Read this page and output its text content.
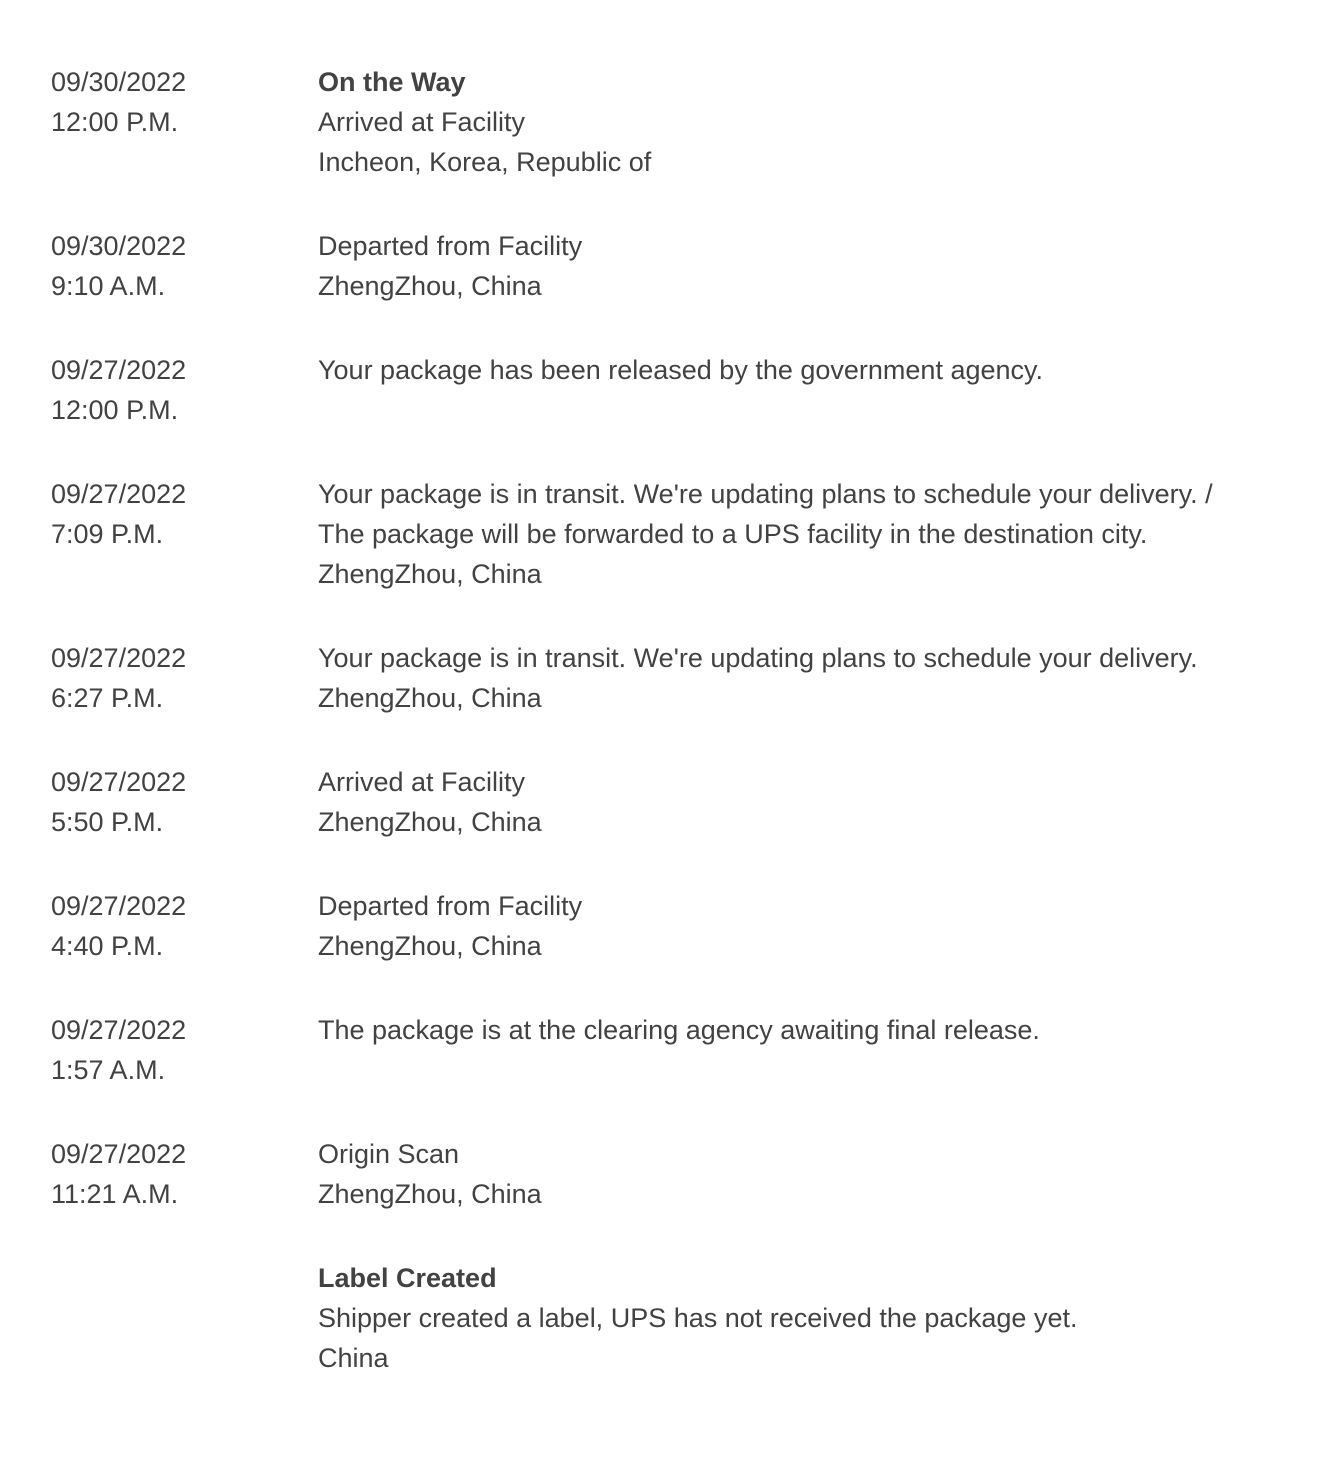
09/30/2022
12:00 P.M.
On the Way
Arrived at Facility
Incheon, Korea, Republic of
09/30/2022
9:10 A.M.
Departed from Facility
ZhengZhou, China
09/27/2022
12:00 P.M.
Your package has been released by the government agency.
09/27/2022
7:09 P.M.
Your package is in transit. We're updating plans to schedule your delivery. /
The package will be forwarded to a UPS facility in the destination city.
ZhengZhou, China
09/27/2022
6:27 P.M.
Your package is in transit. We're updating plans to schedule your delivery.
ZhengZhou, China
09/27/2022
5:50 P.M.
Arrived at Facility
ZhengZhou, China
09/27/2022
4:40 P.M.
Departed from Facility
ZhengZhou, China
09/27/2022
1:57 A.M.
The package is at the clearing agency awaiting final release.
09/27/2022
11:21 A.M.
Origin Scan
ZhengZhou, China
Label Created
Shipper created a label, UPS has not received the package yet.
China
